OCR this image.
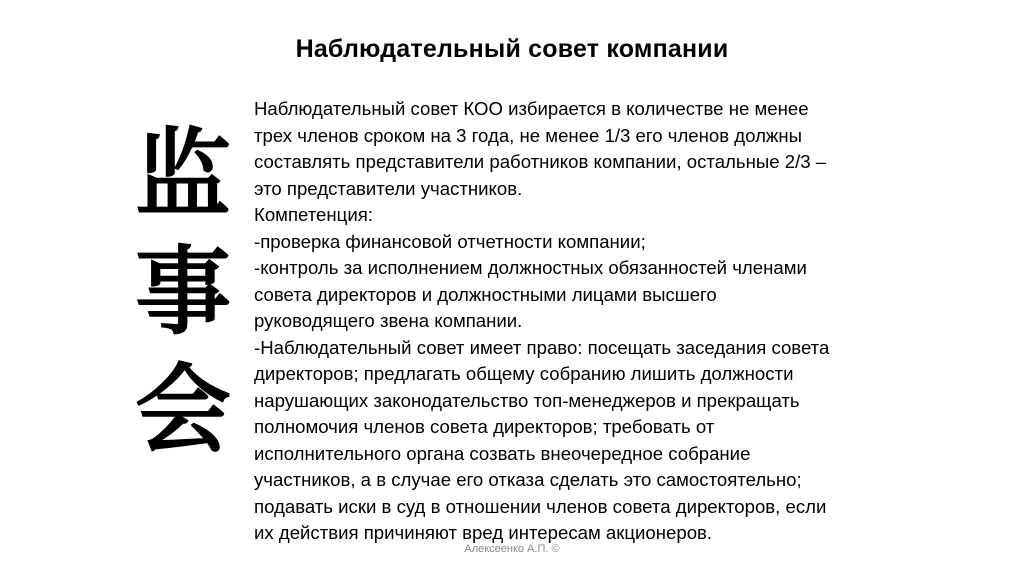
Наблюдательный совет компании
监
事
会
Наблюдательный совет КОО избирается в количестве не менее
трех членов сроком на 3 года, не менее 1/3 его членов должны
составлять представители работников компании, остальные 2/3 –
это представители участников.
Компетенция:
-проверка финансовой отчетности компании;
-контроль за исполнением должностных обязанностей членами
совета директоров и должностными лицами высшего
руководящего звена компании.
-Наблюдательный совет имеет право: посещать заседания совета
директоров; предлагать общему собранию лишить должности
нарушающих законодательство топ-менеджеров и прекращать
полномочия членов совета директоров; требовать от
исполнительного органа созвать внеочередное собрание
участников, а в случае его отказа сделать это самостоятельно;
подавать иски в суд в отношении членов совета директоров, если
их действия причиняют вред интересам акционеров.
Алексеенко А.П. ©
